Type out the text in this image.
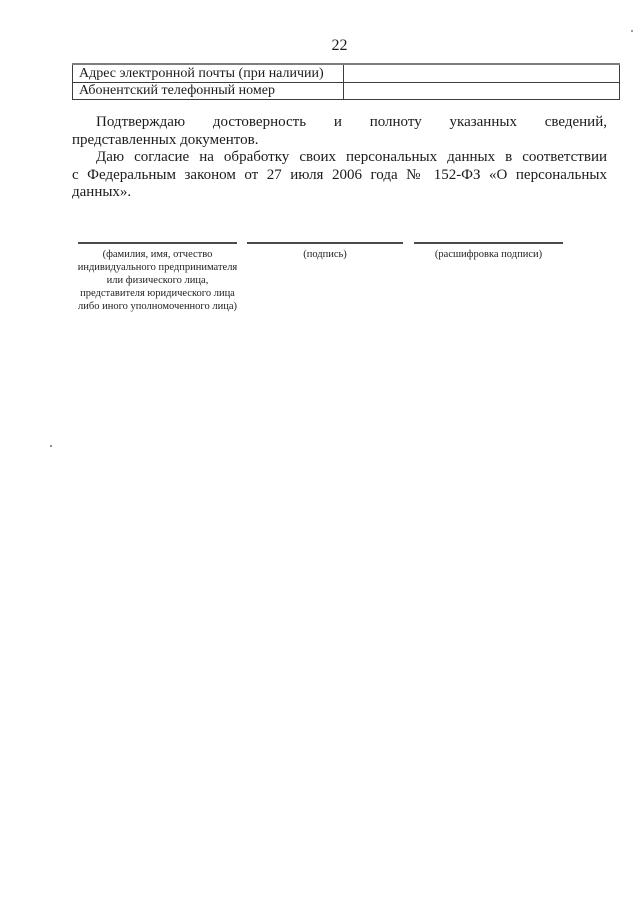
22
Адрес электронной почты (при наличии)	
Абонентский телефонный номер	
Подтверждаю достоверность и полноту указанных сведений,
представленных документов.
Даю согласие на обработку своих персональных данных в соответствии
с Федеральным законом от 27 июля 2006 года № 152-ФЗ «О персональных
данных».
(фамилия, имя, отчество
индивидуального предпринимателя
или физического лица,
представителя юридического лица
либо иного уполномоченного лица)
(подпись)	(расшифровка подписи)
